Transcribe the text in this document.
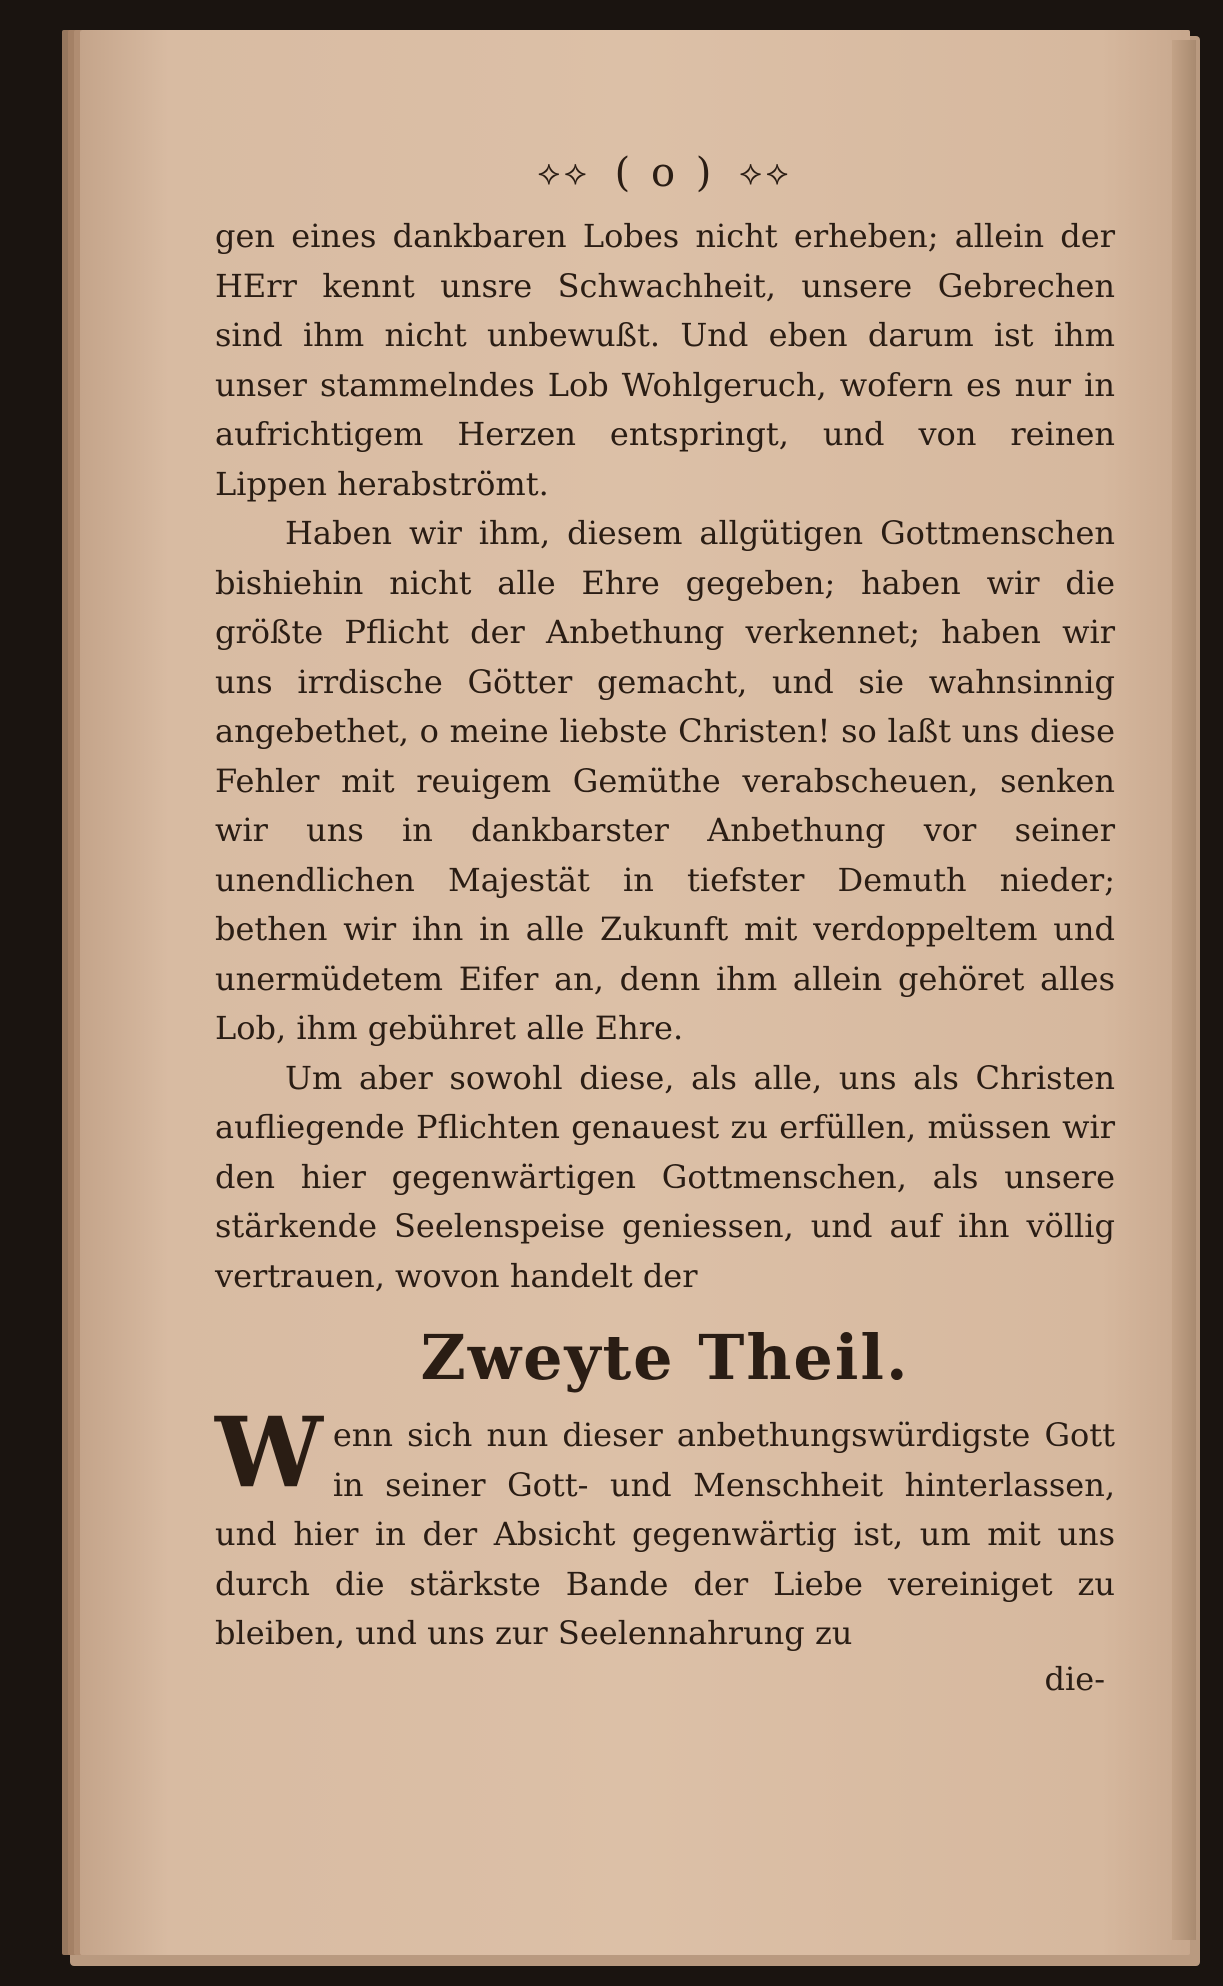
⟡⟡ ( o ) ⟡⟡

gen eines dankbaren Lobes nicht erheben; allein der HErr kennt unsre Schwachheit, unsere Gebrechen sind ihm nicht unbewußt. Und eben darum ist ihm unser stammelndes Lob Wohlgeruch, wofern es nur in aufrichtigem Herzen entspringt, und von reinen Lippen herabströmt.

Haben wir ihm, diesem allgütigen Gottmenschen bishiehin nicht alle Ehre gegeben; haben wir die größte Pflicht der Anbethung verkennet; haben wir uns irrdische Götter gemacht, und sie wahnsinnig angebethet, o meine liebste Christen! so laßt uns diese Fehler mit reuigem Gemüthe verabscheuen, senken wir uns in dankbarster Anbethung vor seiner unendlichen Majestät in tiefster Demuth nieder; bethen wir ihn in alle Zukunft mit verdoppeltem und unermüdetem Eifer an, denn ihm allein gehöret alles Lob, ihm gebühret alle Ehre.

Um aber sowohl diese, als alle, uns als Christen aufliegende Pflichten genauest zu erfüllen, müssen wir den hier gegenwärtigen Gottmenschen, als unsere stärkende Seelenspeise geniessen, und auf ihn völlig vertrauen, wovon handelt der

Zweyte Theil.

W enn sich nun dieser anbethungswürdigste Gott in seiner Gott- und Menschheit hinterlassen, und hier in der Absicht gegenwärtig ist, um mit uns durch die stärkste Bande der Liebe vereiniget zu bleiben, und uns zur Seelennahrung zu

die-
